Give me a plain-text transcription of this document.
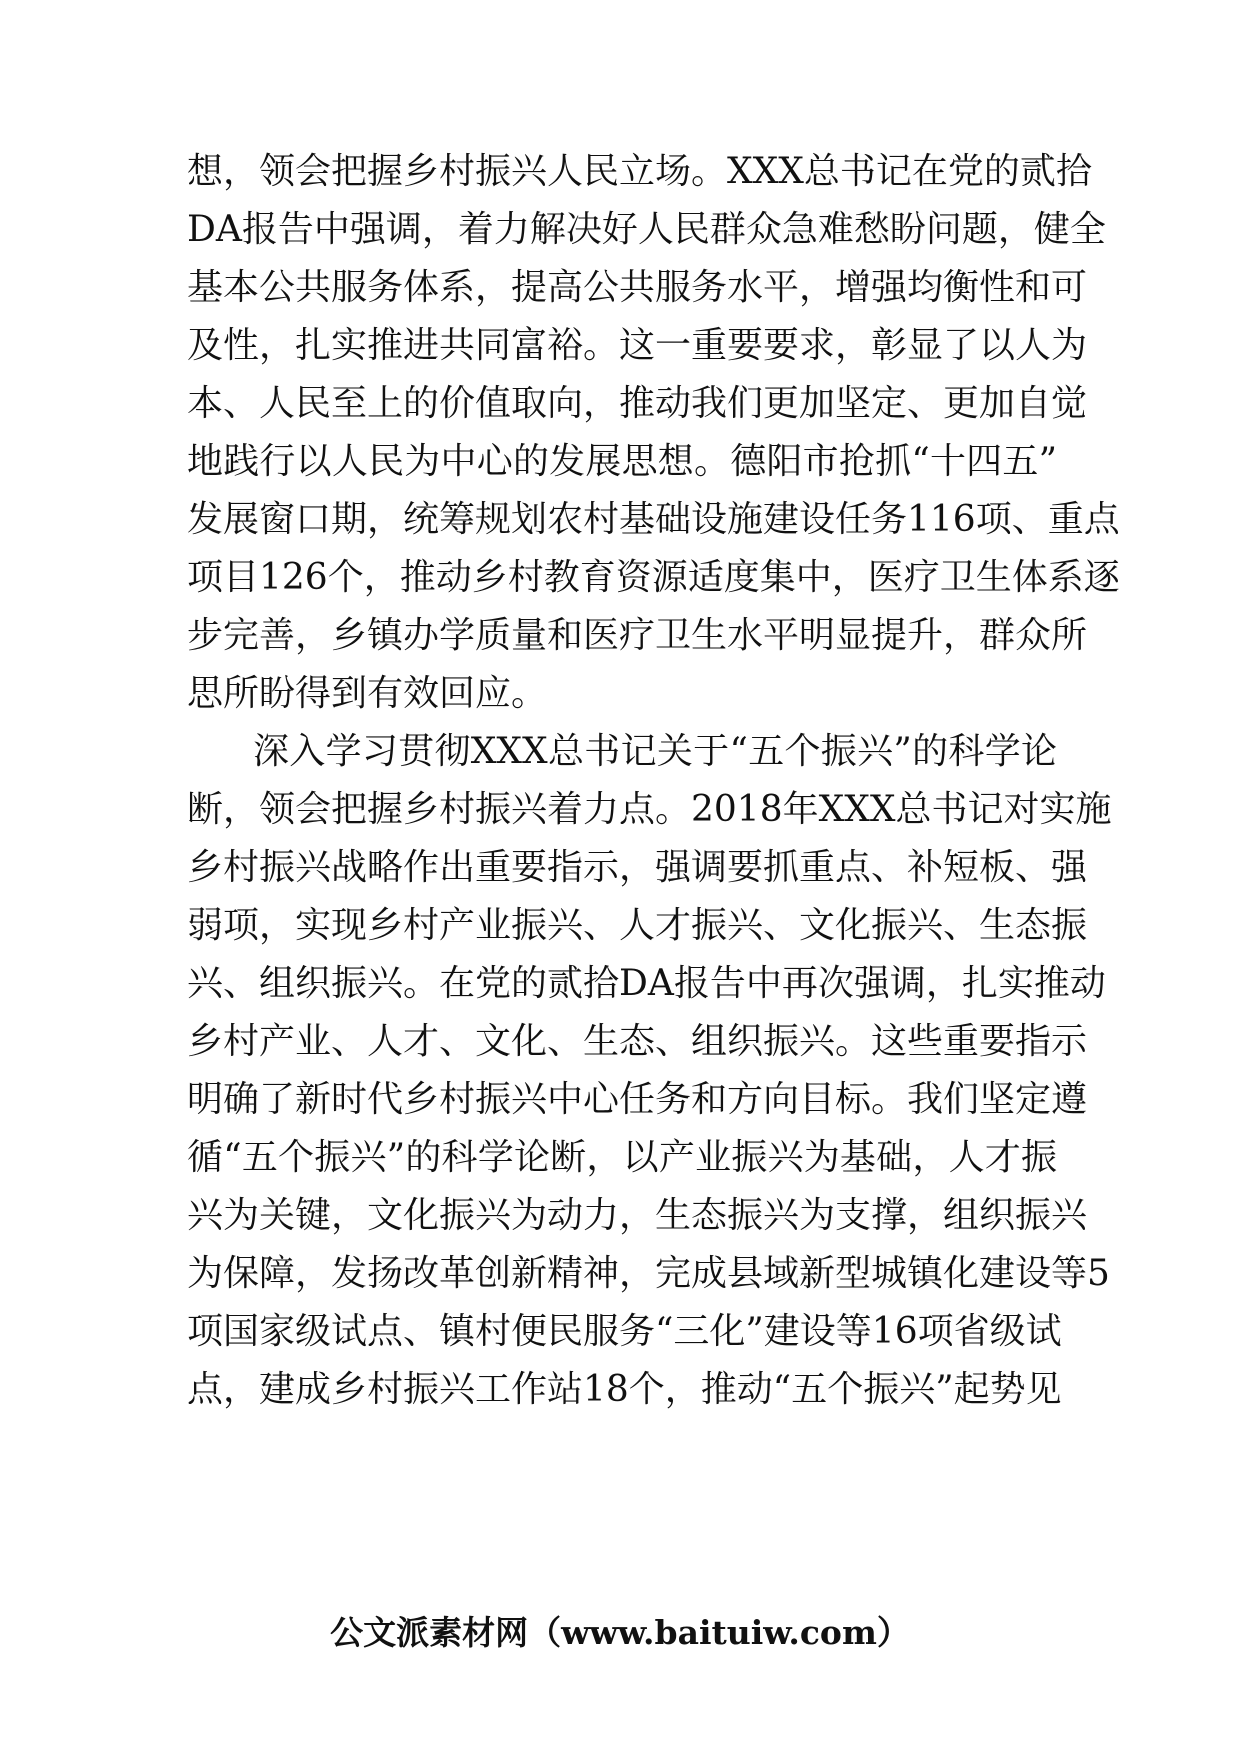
想，领会把握乡村振兴人民立场。XXX总书记在党的贰拾
DA报告中强调，着力解决好人民群众急难愁盼问题，健全
基本公共服务体系，提高公共服务水平，增强均衡性和可
及性，扎实推进共同富裕。这一重要要求，彰显了以人为
本、人民至上的价值取向，推动我们更加坚定、更加自觉
地践行以人民为中心的发展思想。德阳市抢抓“十四五”
发展窗口期，统筹规划农村基础设施建设任务116项、重点
项目126个，推动乡村教育资源适度集中，医疗卫生体系逐
步完善，乡镇办学质量和医疗卫生水平明显提升，群众所
思所盼得到有效回应。
深入学习贯彻XXX总书记关于“五个振兴”的科学论
断，领会把握乡村振兴着力点。2018年XXX总书记对实施
乡村振兴战略作出重要指示，强调要抓重点、补短板、强
弱项，实现乡村产业振兴、人才振兴、文化振兴、生态振
兴、组织振兴。在党的贰拾DA报告中再次强调，扎实推动
乡村产业、人才、文化、生态、组织振兴。这些重要指示
明确了新时代乡村振兴中心任务和方向目标。我们坚定遵
循“五个振兴”的科学论断，以产业振兴为基础，人才振
兴为关键，文化振兴为动力，生态振兴为支撑，组织振兴
为保障，发扬改革创新精神，完成县域新型城镇化建设等5
项国家级试点、镇村便民服务“三化”建设等16项省级试
点，建成乡村振兴工作站18个，推动“五个振兴”起势见
公文派素材网（www.baituiw.com）
